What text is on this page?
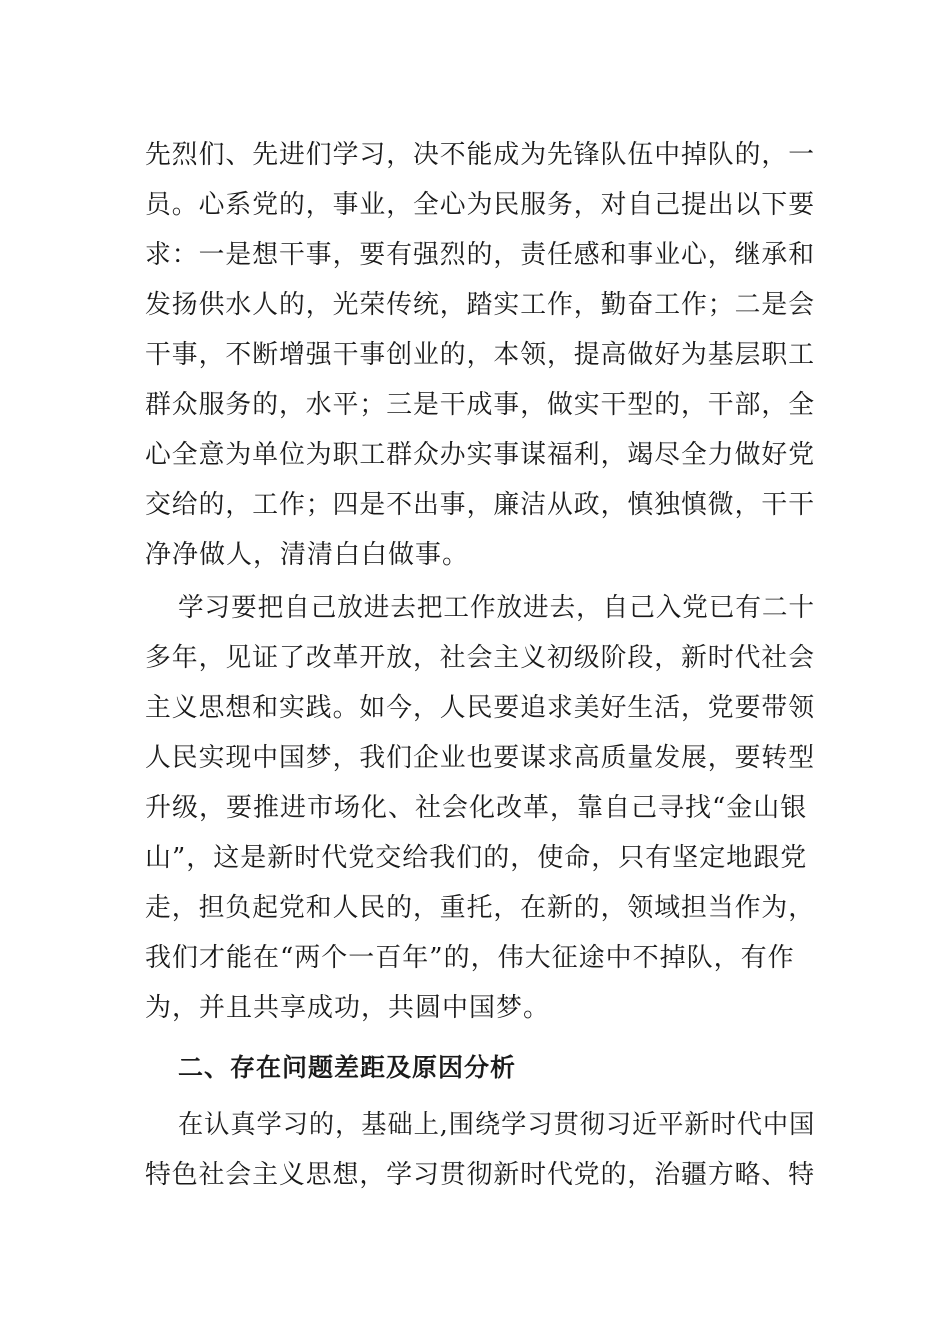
先烈们、先进们学习，决不能成为先锋队伍中掉队的，一
员。心系党的，事业，全心为民服务，对自己提出以下要
求：一是想干事，要有强烈的，责任感和事业心，继承和
发扬供水人的，光荣传统，踏实工作，勤奋工作；二是会
干事，不断增强干事创业的，本领，提高做好为基层职工
群众服务的，水平；三是干成事，做实干型的，干部，全
心全意为单位为职工群众办实事谋福利，竭尽全力做好党
交给的，工作；四是不出事，廉洁从政，慎独慎微，干干
净净做人，清清白白做事。
学习要把自己放进去把工作放进去，自己入党已有二十
多年，见证了改革开放，社会主义初级阶段，新时代社会
主义思想和实践。如今，人民要追求美好生活，党要带领
人民实现中国梦，我们企业也要谋求高质量发展，要转型
升级，要推进市场化、社会化改革，靠自己寻找“金山银
山”，这是新时代党交给我们的，使命，只有坚定地跟党
走，担负起党和人民的，重托，在新的，领域担当作为，
我们才能在“两个一百年”的，伟大征途中不掉队，有作
为，并且共享成功，共圆中国梦。
二、存在问题差距及原因分析
在认真学习的，基础上,围绕学习贯彻习近平新时代中国
特色社会主义思想，学习贯彻新时代党的，治疆方略、特
